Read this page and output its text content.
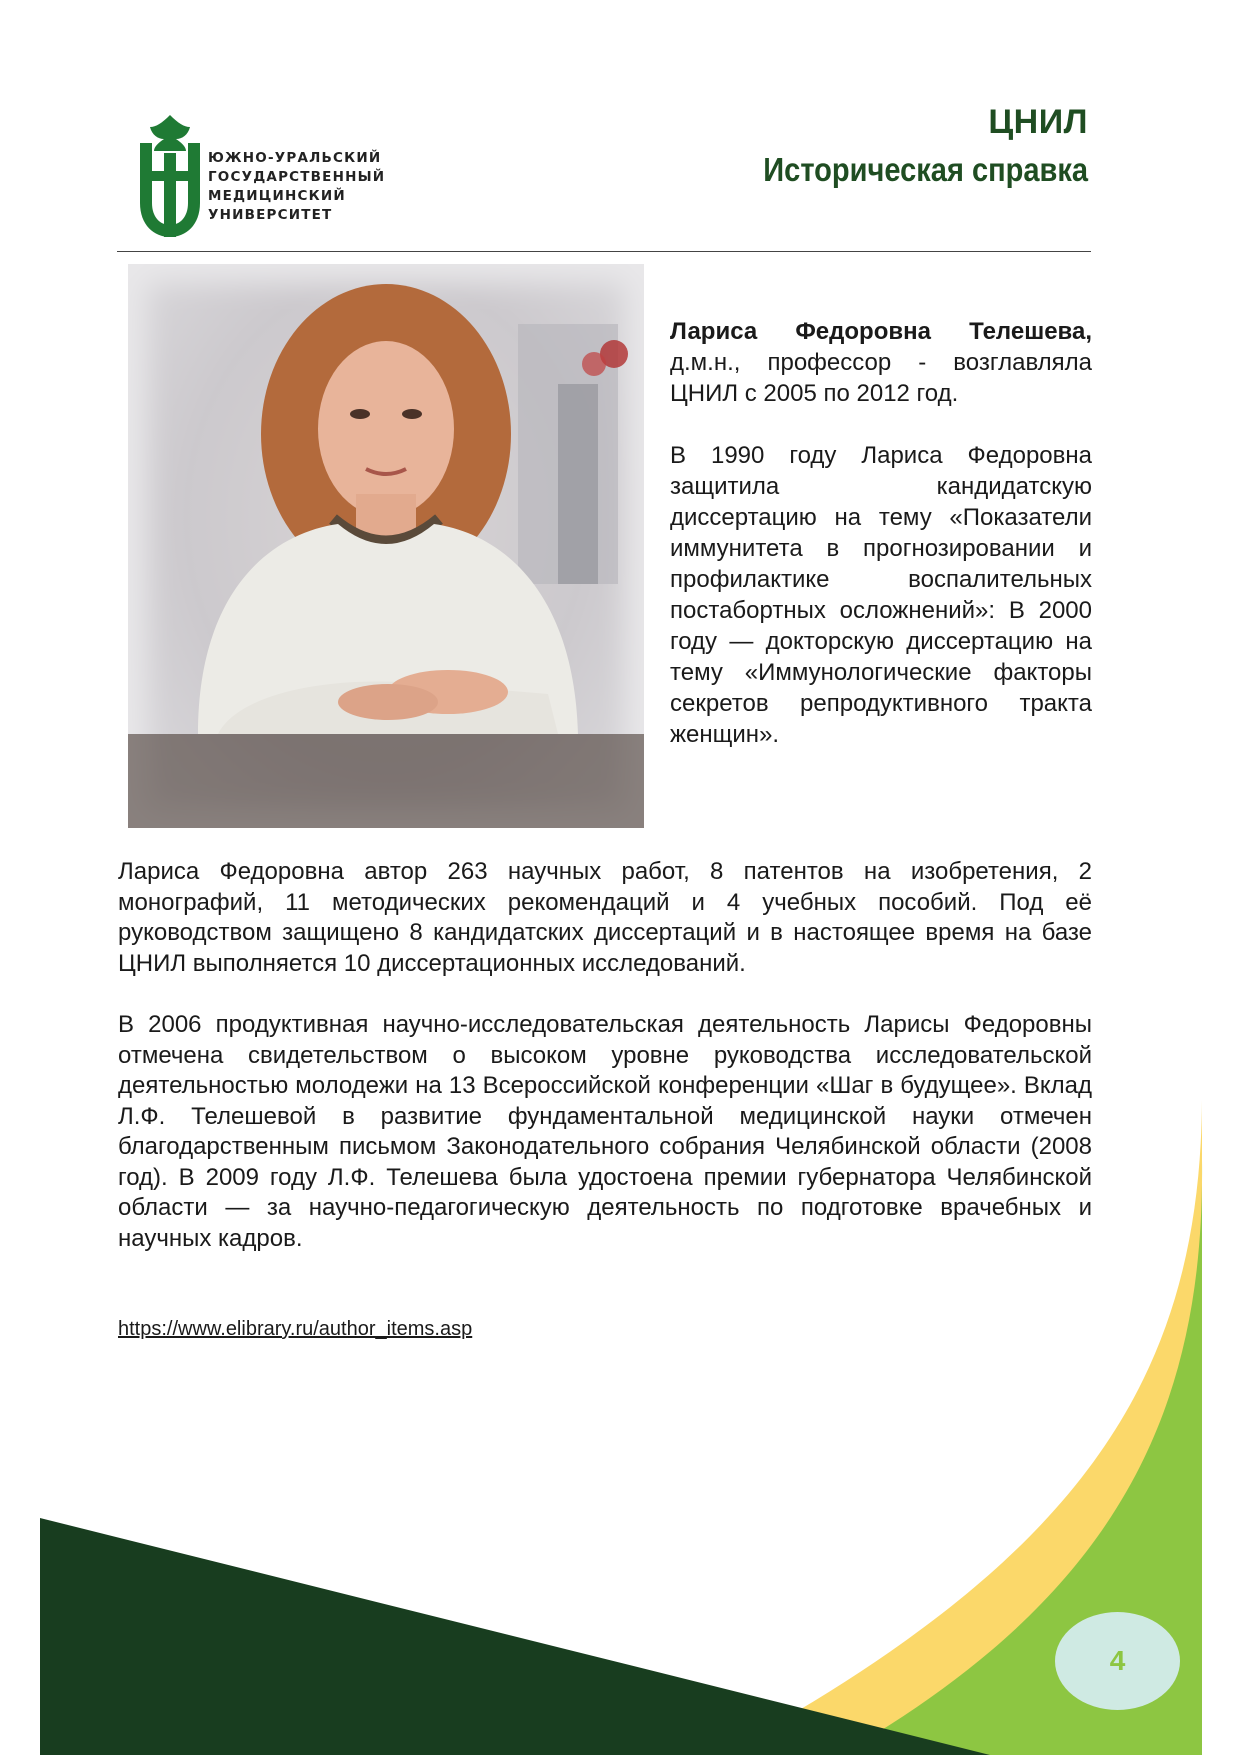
ЮЖНО-УРАЛЬСКИЙ
ГОСУДАРСТВЕННЫЙ
МЕДИЦИНСКИЙ
УНИВЕРСИТЕТ
ЦНИЛ
Историческая справка

Лариса Федоровна Телешева, д.м.н., профессор - возглавляла ЦНИЛ с 2005 по 2012 год.

В 1990 году Лариса Федоровна защитила кандидатскую диссертацию на тему «Показатели иммунитета в прогнозировании и профилактике воспалительных постабортных осложнений»: В 2000 году — докторскую диссертацию на тему «Иммунологические факторы секретов репродуктивного тракта женщин».

Лариса Федоровна автор 263 научных работ, 8 патентов на изобретения, 2 монографий, 11 методических рекомендаций и 4 учебных пособий. Под её руководством защищено 8 кандидатских диссертаций и в настоящее время на базе ЦНИЛ выполняется 10 диссертационных исследований.

В 2006 продуктивная научно-исследовательская деятельность Ларисы Федоровны отмечена свидетельством о высоком уровне руководства исследовательской деятельностью молодежи на 13 Всероссийской конференции «Шаг в будущее». Вклад Л.Ф. Телешевой в развитие фундаментальной медицинской науки отмечен благодарственным письмом Законодательного собрания Челябинской области (2008 год). В 2009 году Л.Ф. Телешева была удостоена премии губернатора Челябинской области — за научно-педагогическую деятельность по подготовке врачебных и научных кадров.

https://www.elibrary.ru/author_items.asp
4
